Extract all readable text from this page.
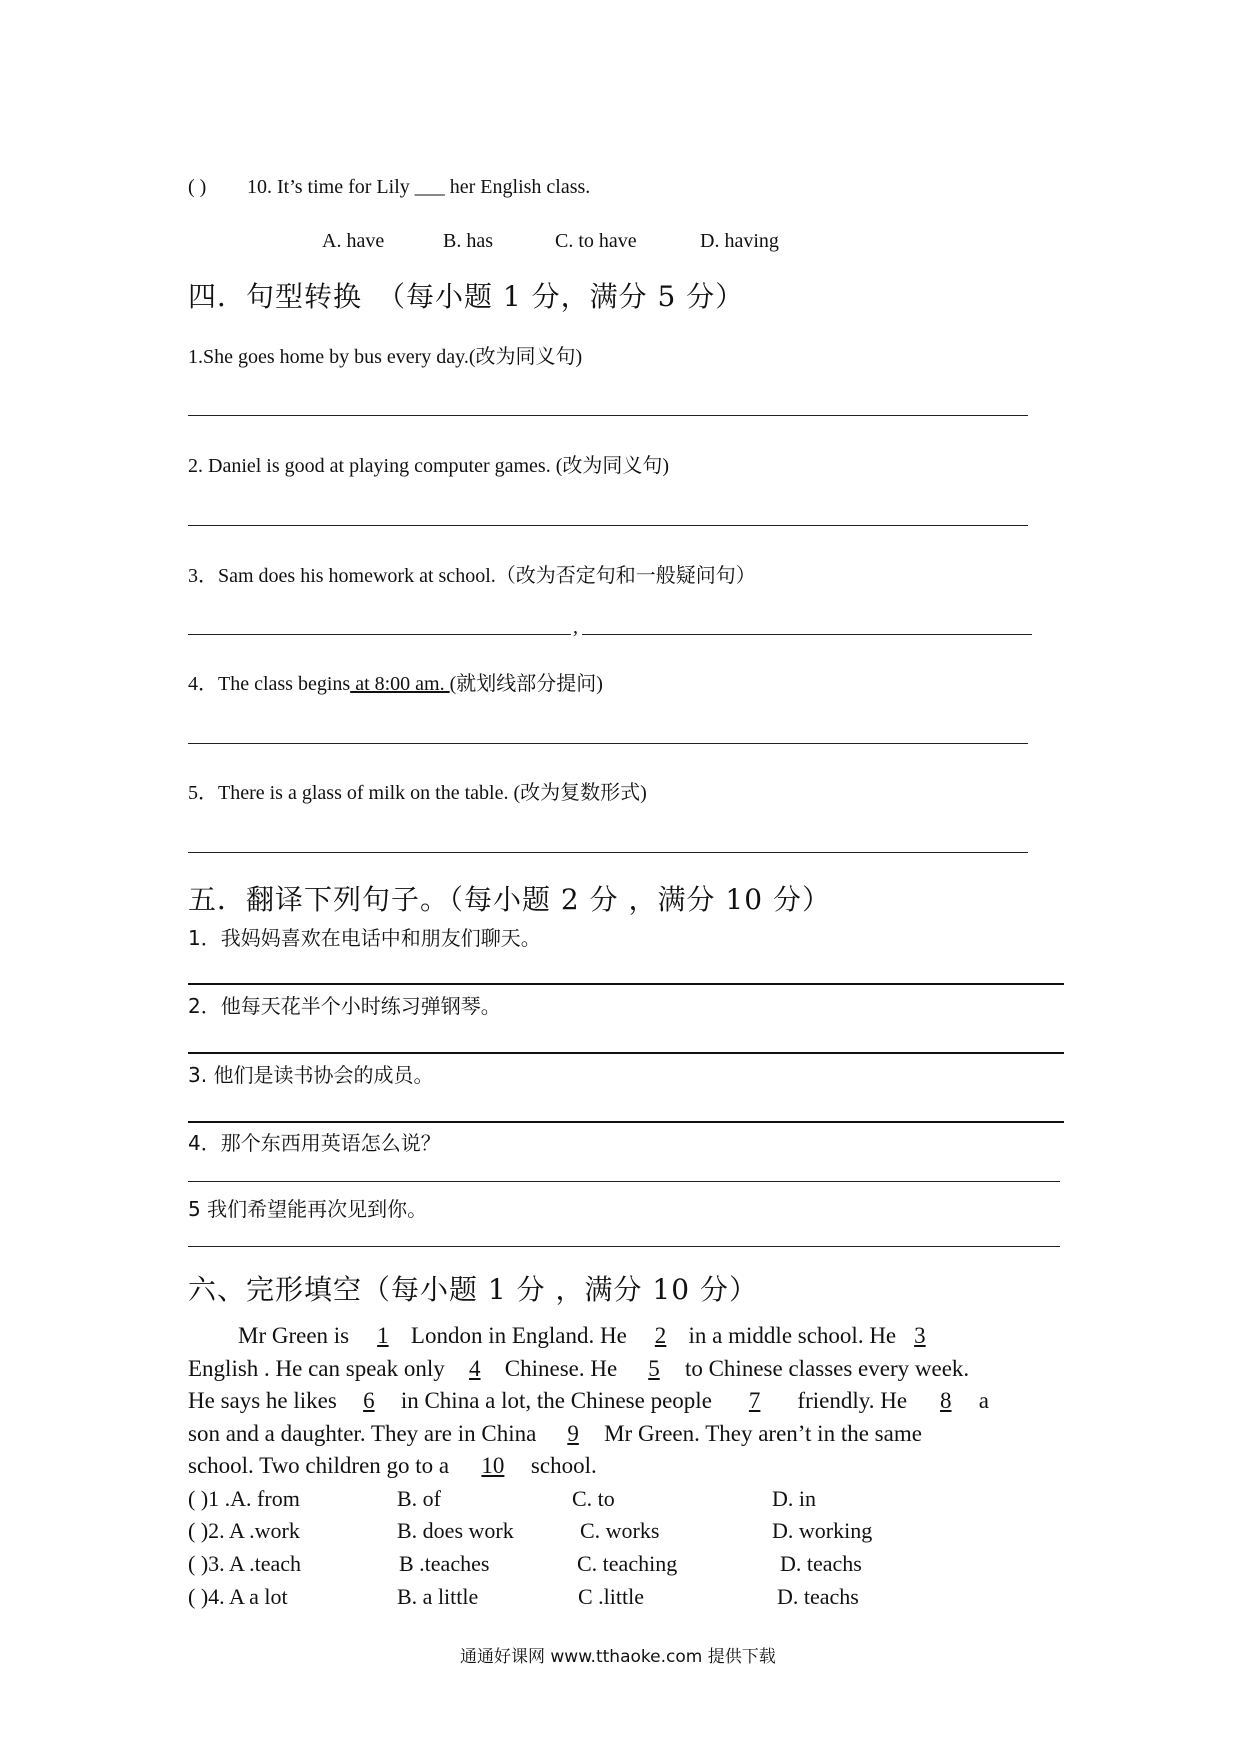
( ) 10. It’s time for Lily ___ her English class.
A. have	B. has	C. to have	D. having
四．句型转换　（每小题 1 分，满分 5 分）
1.She goes home by bus every day.(改为同义句)
2. Daniel is good at playing computer games. (改为同义句)
3．Sam does his homework at school.（改为否定句和一般疑问句）
,
4．The class begins at 8:00 am. (就划线部分提问)
5．There is a glass of milk on the table. (改为复数形式)
五．翻译下列句子。（每小题 2 分 ，满分 10 分）
1．我妈妈喜欢在电话中和朋友们聊天。
2．他每天花半个小时练习弹钢琴。
3. 他们是读书协会的成员。
4．那个东西用英语怎么说？
5 我们希望能再次见到你。
六、完形填空（每小题 1 分 ，满分 10 分）
Mr Green is 1 London in England. He 2 in a middle school. He 3
English . He can speak only 4 Chinese. He 5 to Chinese classes every week.
He says he likes 6 in China a lot, the Chinese people 7 friendly. He 8 a
son and a daughter. They are in China 9 Mr Green. They aren’t in the same
school. Two children go to a 10 school.
( )1 .A. from	B. of	C. to	D. in
( )2. A .work	B. does work	C. works	D. working
( )3. A .teach	B .teaches	C. teaching	D. teachs
( )4. A a lot	B. a little	C .little	D. teachs
通通好课网 www.tthaoke.com 提供下载
